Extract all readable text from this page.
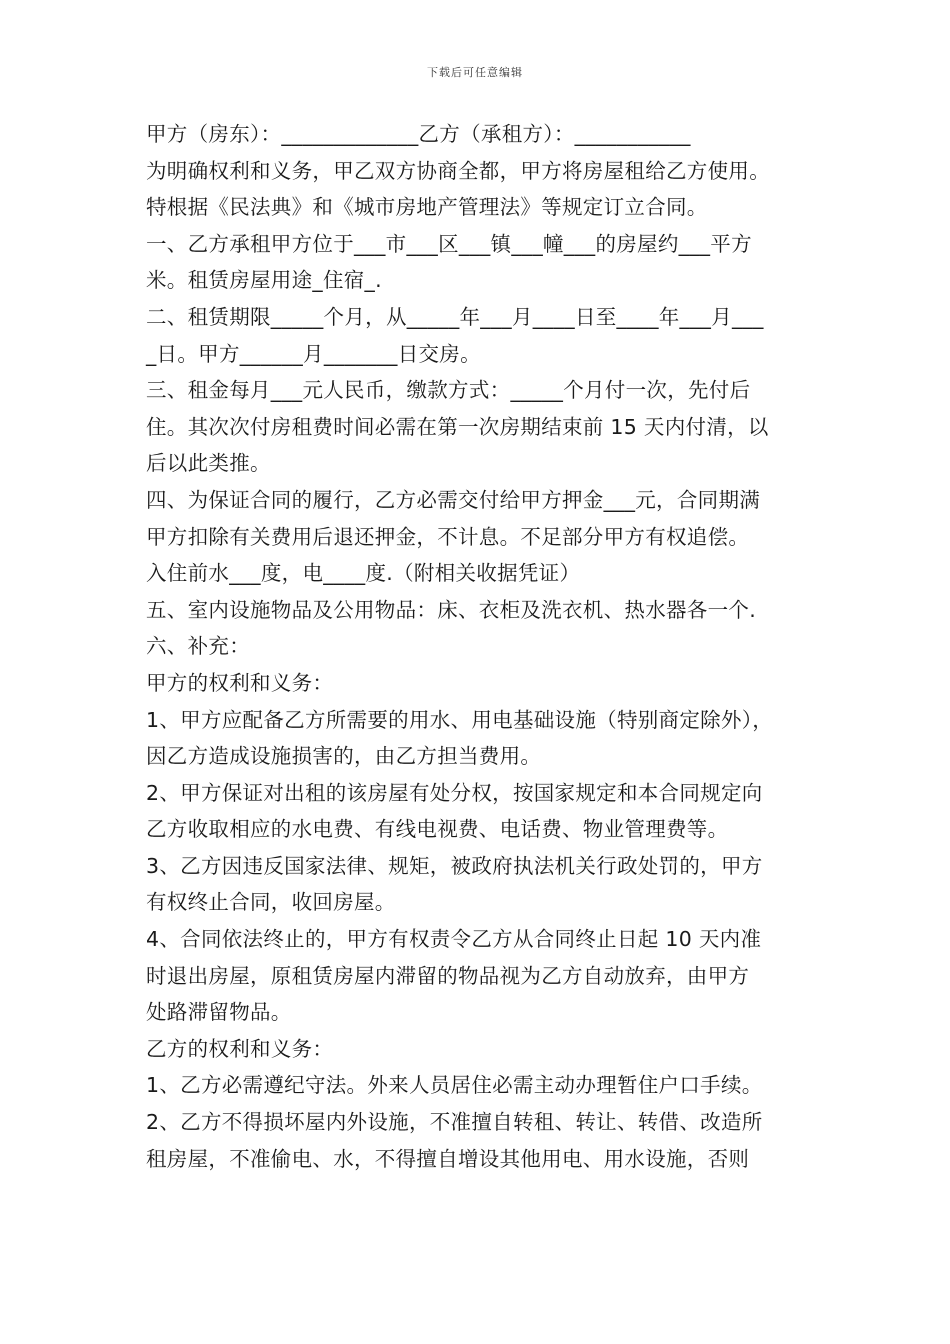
下载后可任意编辑
甲方（房东）：_____________乙方（承租方）：___________
为明确权利和义务，甲乙双方协商全都，甲方将房屋租给乙方使用。
特根据《民法典》和《城市房地产管理法》等规定订立合同。
一、乙方承租甲方位于___市___区___镇___幢___的房屋约___平方
米。租赁房屋用途_住宿_.
二、租赁期限_____个月，从_____年___月____日至____年___月___
_日。甲方______月_______日交房。
三、租金每月___元人民币，缴款方式：_____个月付一次，先付后
住。其次次付房租费时间必需在第一次房期结束前 15 天内付清，以
后以此类推。
四、为保证合同的履行，乙方必需交付给甲方押金___元，合同期满
甲方扣除有关费用后退还押金，不计息。不足部分甲方有权追偿。
入住前水___度，电____度.（附相关收据凭证）
五、室内设施物品及公用物品：床、衣柜及洗衣机、热水器各一个.
六、补充：
甲方的权利和义务：
1、甲方应配备乙方所需要的用水、用电基础设施（特别商定除外），
因乙方造成设施损害的，由乙方担当费用。
2、甲方保证对出租的该房屋有处分权，按国家规定和本合同规定向
乙方收取相应的水电费、有线电视费、电话费、物业管理费等。
3、乙方因违反国家法律、规矩，被政府执法机关行政处罚的，甲方
有权终止合同，收回房屋。
4、合同依法终止的，甲方有权责令乙方从合同终止日起 10 天内准
时退出房屋，原租赁房屋内滞留的物品视为乙方自动放弃，由甲方
处路滞留物品。
乙方的权利和义务：
1、乙方必需遵纪守法。外来人员居住必需主动办理暂住户口手续。
2、乙方不得损坏屋内外设施，不准擅自转租、转让、转借、改造所
租房屋，不准偷电、水，不得擅自增设其他用电、用水设施，否则
